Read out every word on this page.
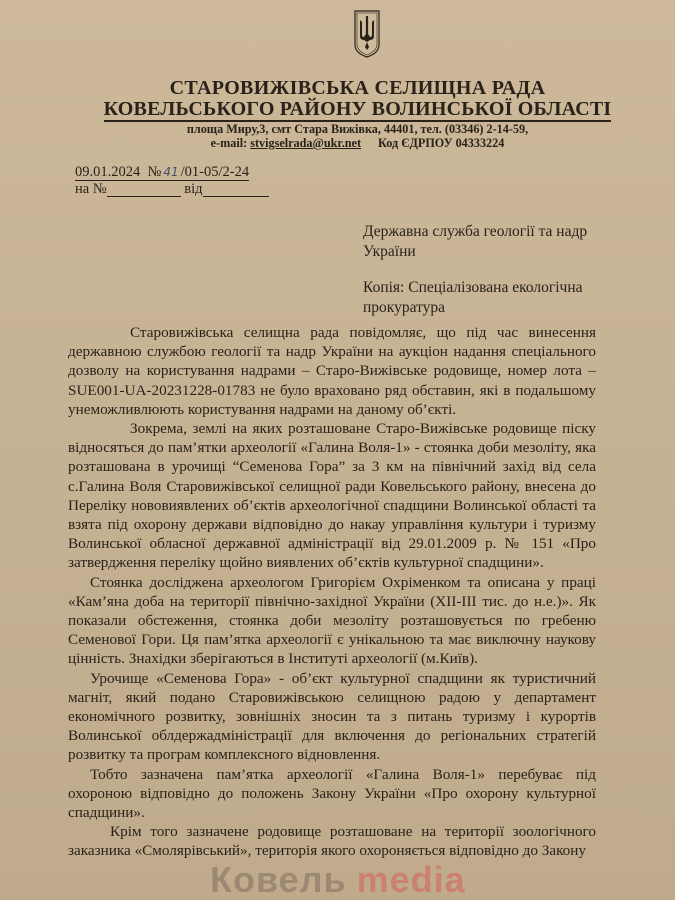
СТАРОВИЖІВСЬКА СЕЛИЩНА РАДА
КОВЕЛЬСЬКОГО РАЙОНУ ВОЛИНСЬКОЇ ОБЛАСТІ
площа Миру,3, смт Стара Вижівка, 44401, тел. (03346) 2-14-59,
e-mail: stvigselrada@ukr.net Код ЄДРПОУ 04333224
09.01.2024 № 41 /01-05/2-24
на №	від
Державна служба геології та надр
України
Копія: Спеціалізована екологічна
прокуратура

Старовижівська селищна рада повідомляє, що під час винесення державною службою геології та надр України на аукціон надання спеціального дозволу на користування надрами – Старо-Вижівське родовище, номер лота – SUE001-UA-20231228-01783 не було враховано ряд обставин, які в подальшому унеможливлюють користування надрами на даному об’єкті.

Зокрема, землі на яких розташоване Старо-Вижівське родовище піску відносяться до пам’ятки археології «Галина Воля-1» - стоянка доби мезоліту, яка розташована в урочищі “Семенова Гора” за 3 км на північний захід від села с.Галина Воля Старовижівської селищної ради Ковельського району, внесена до Переліку нововиявлених об’єктів археологічної спадщини Волинської області та взята під охорону держави відповідно до накау управління культури і туризму Волинської обласної державної адміністрації від 29.01.2009 р. № 151 «Про затвердження переліку щойно виявлених об’єктів культурної спадщини».

Стоянка досліджена археологом Григорієм Охріменком та описана у праці «Кам’яна доба на території північно-західної України (ХІІ-ІІІ тис. до н.е.)». Як показали обстеження, стоянка доби мезоліту розташовується по гребеню Семенової Гори. Ця пам’ятка археології є унікальною та має виключну наукову цінність. Знахідки зберігаються в Інституті археології (м.Київ).

Урочище «Семенова Гора» - об’єкт культурної спадщини як туристичний магніт, який подано Старовижівською селищною радою у департамент економічного розвитку, зовнішніх зносин та з питань туризму і курортів Волинської облдержадміністрації для включення до регіональних стратегій розвитку та програм комплексного відновлення.

Тобто зазначена пам’ятка археології «Галина Воля-1» перебуває під охороною відповідно до положень Закону України «Про охорону культурної спадщини».

Крім того зазначене родовище розташоване на території зоологічного заказника «Смолярівський», територія якого охороняється відповідно до Закону

Ковель media
